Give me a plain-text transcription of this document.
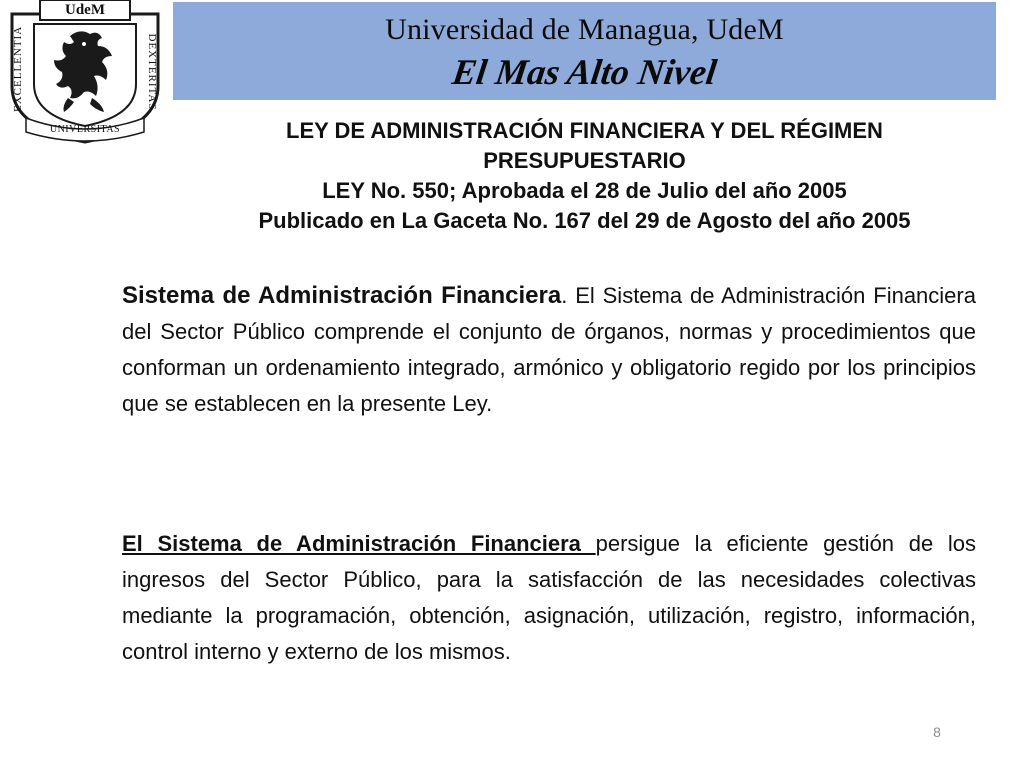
UdeM
EXCELLENTIA	DEXTERITAS
UNIVERSITAS
Universidad de Managua, UdeM
El Mas Alto Nivel
LEY DE ADMINISTRACIÓN FINANCIERA Y DEL RÉGIMEN
PRESUPUESTARIO
LEY No. 550; Aprobada el 28 de Julio del año 2005
Publicado en La Gaceta No. 167 del 29 de Agosto del año 2005
Sistema de Administración Financiera. El Sistema de Administración Financiera del Sector Público comprende el conjunto de órganos, normas y procedimientos que conforman un ordenamiento integrado, armónico y obligatorio regido por los principios que se establecen en la presente Ley.
El Sistema de Administración Financiera persigue la eficiente gestión de los ingresos del Sector Público, para la satisfacción de las necesidades colectivas mediante la programación, obtención, asignación, utilización, registro, información, control interno y externo de los mismos.
8
